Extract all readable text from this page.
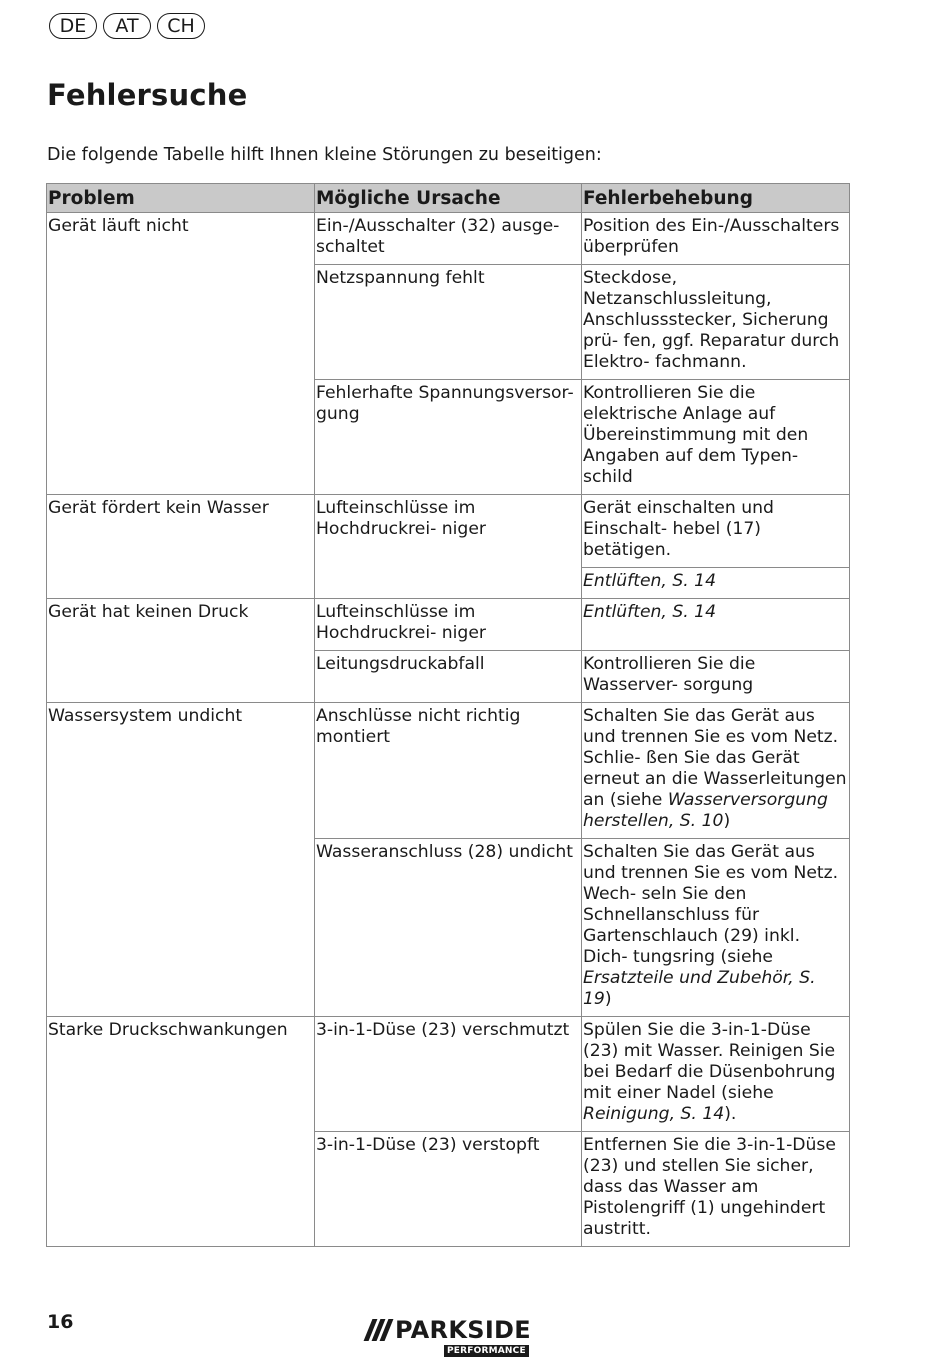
DE	AT	CH
Fehlersuche

Die folgende Tabelle hilft Ihnen kleine Störungen zu beseitigen:

Problem	Mögliche Ursache	Fehlerbehebung
Gerät läuft nicht	Ein-/Ausschalter (32) ausge- schaltet	Position des Ein-/Ausschalters überprüfen
	Netzspannung fehlt	Steckdose, Netzanschlussleitung, Anschlussstecker, Sicherung prü- fen, ggf. Reparatur durch Elektro- fachmann.
	Fehlerhafte Spannungsversor- gung	Kontrollieren Sie die elektrische Anlage auf Übereinstimmung mit den Angaben auf dem Typen- schild
Gerät fördert kein Wasser	Lufteinschlüsse im Hochdruckrei- niger	Gerät einschalten und Einschalt- hebel (17) betätigen.
		Entlüften, S. 14
Gerät hat keinen Druck	Lufteinschlüsse im Hochdruckrei- niger	Entlüften, S. 14
	Leitungsdruckabfall	Kontrollieren Sie die Wasserver- sorgung
Wassersystem undicht	Anschlüsse nicht richtig montiert	Schalten Sie das Gerät aus und trennen Sie es vom Netz. Schlie- ßen Sie das Gerät erneut an die Wasserleitungen an (siehe Wasserversorgung herstellen, S. 10)
	Wasseranschluss (28) undicht	Schalten Sie das Gerät aus und trennen Sie es vom Netz. Wech- seln Sie den Schnellanschluss für Gartenschlauch (29) inkl. Dich- tungsring (siehe Ersatzteile und Zubehör, S. 19)
Starke Druckschwankungen	3-in-1-Düse (23) verschmutzt	Spülen Sie die 3-in-1-Düse (23) mit Wasser. Reinigen Sie bei Bedarf die Düsenbohrung mit einer Nadel (siehe Reinigung, S. 14).
	3-in-1-Düse (23) verstopft	Entfernen Sie die 3-in-1-Düse (23) und stellen Sie sicher, dass das Wasser am Pistolengriff (1) ungehindert austritt.
16	PARKSIDE
PERFORMANCE
